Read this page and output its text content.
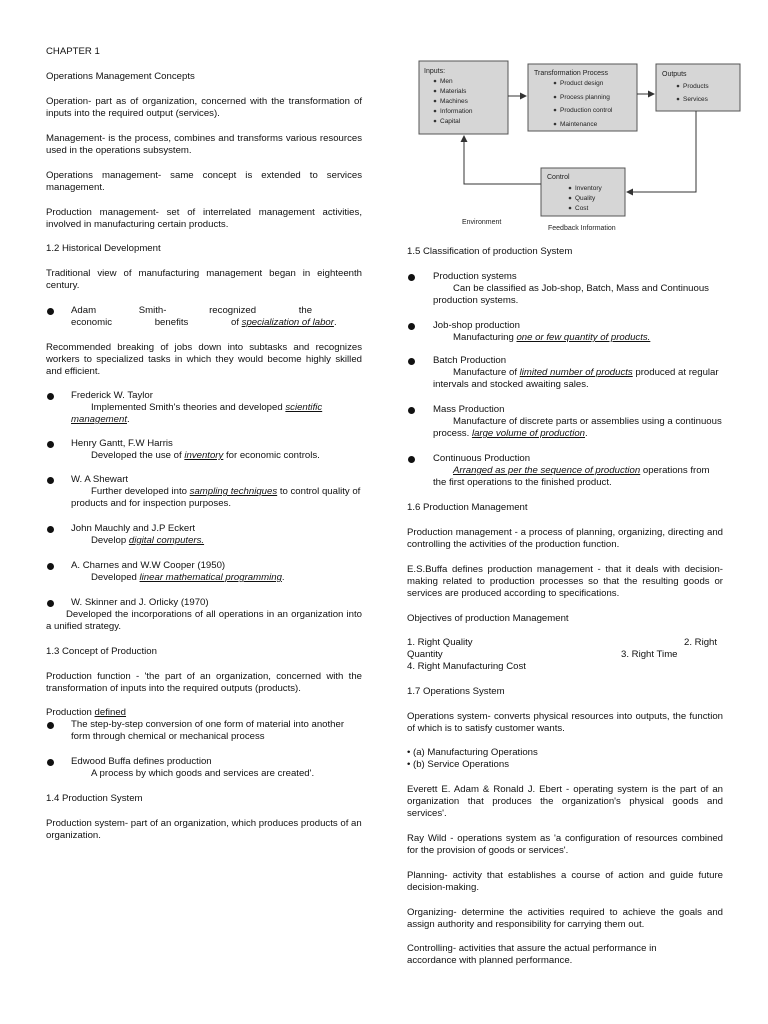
CHAPTER 1
Operations Management Concepts
Operation- part as of organization, concerned with the transformation of inputs into the required output (services).
Management- is the process, combines and transforms various resources used in the operations subsystem.
Operations management- same concept is extended to services management.
Production management- set of interrelated management activities, involved in manufacturing certain products.
1.2 Historical Development
Traditional view of manufacturing management began in eighteenth century.
Adam Smith- recognized the economic benefits of specialization of labor.
Recommended breaking of jobs down into subtasks and recognizes workers to specialized tasks in which they would become highly skilled and efficient.
Frederick W. Taylor
Implemented Smith's theories and developed scientific management.
Henry Gantt, F.W Harris
Developed the use of inventory for economic controls.
W. A Shewart
Further developed into sampling techniques to control quality of products and for inspection purposes.
John Mauchly and J.P Eckert
Develop digital computers.
A. Charnes and W.W Cooper (1950)
Developed linear mathematical programming.
W. Skinner and J. Orlicky (1970)
Developed the incorporations of all operations in an organization into a unified strategy.
1.3 Concept of Production
Production function - 'the part of an organization, concerned with the transformation of inputs into the required outputs (products).
Production defined
The step-by-step conversion of one form of material into another form through chemical or mechanical process
Edwood Buffa defines production
A process by which goods and services are created'.
1.4 Production System
Production system- part of an organization, which produces products of an organization.
Inputs:
Men
Materials
Machines
Information
Capital
Transformation Process
Product design
Process planning
Production control
Maintenance
Outputs
Products
Services
Control
Inventory
Quality
Cost
Environment
Feedback Information
1.5 Classification of production System
Production systems
Can be classified as Job-shop, Batch, Mass and Continuous production systems.
Job-shop production
Manufacturing one or few quantity of products.
Batch Production
Manufacture of limited number of products produced at regular intervals and stocked awaiting sales.
Mass Production
Manufacture of discrete parts or assemblies using a continuous process. large volume of production.
Continuous Production
Arranged as per the sequence of production operations from the first operations to the finished product.
1.6 Production Management
Production management - a process of planning, organizing, directing and controlling the activities of the production function.
E.S.Buffa defines production management - that it deals with decision-making related to production processes so that the resulting goods or services are produced according to specifications.
Objectives of production Management
1. Right Quality	2. Right
Quantity	3. Right Time
4. Right Manufacturing Cost
1.7 Operations System
Operations system- converts physical resources into outputs, the function of which is to satisfy customer wants.
• (a) Manufacturing Operations
• (b) Service Operations
Everett E. Adam & Ronald J. Ebert - operating system is the part of an organization that produces the organization's physical goods and services'.
Ray Wild - operations system as 'a configuration of resources combined for the provision of goods or services'.
Planning- activity that establishes a course of action and guide future decision-making.
Organizing- determine the activities required to achieve the goals and assign authority and responsibility for carrying them out.
Controlling- activities that assure the actual performance in accordance with planned performance.
